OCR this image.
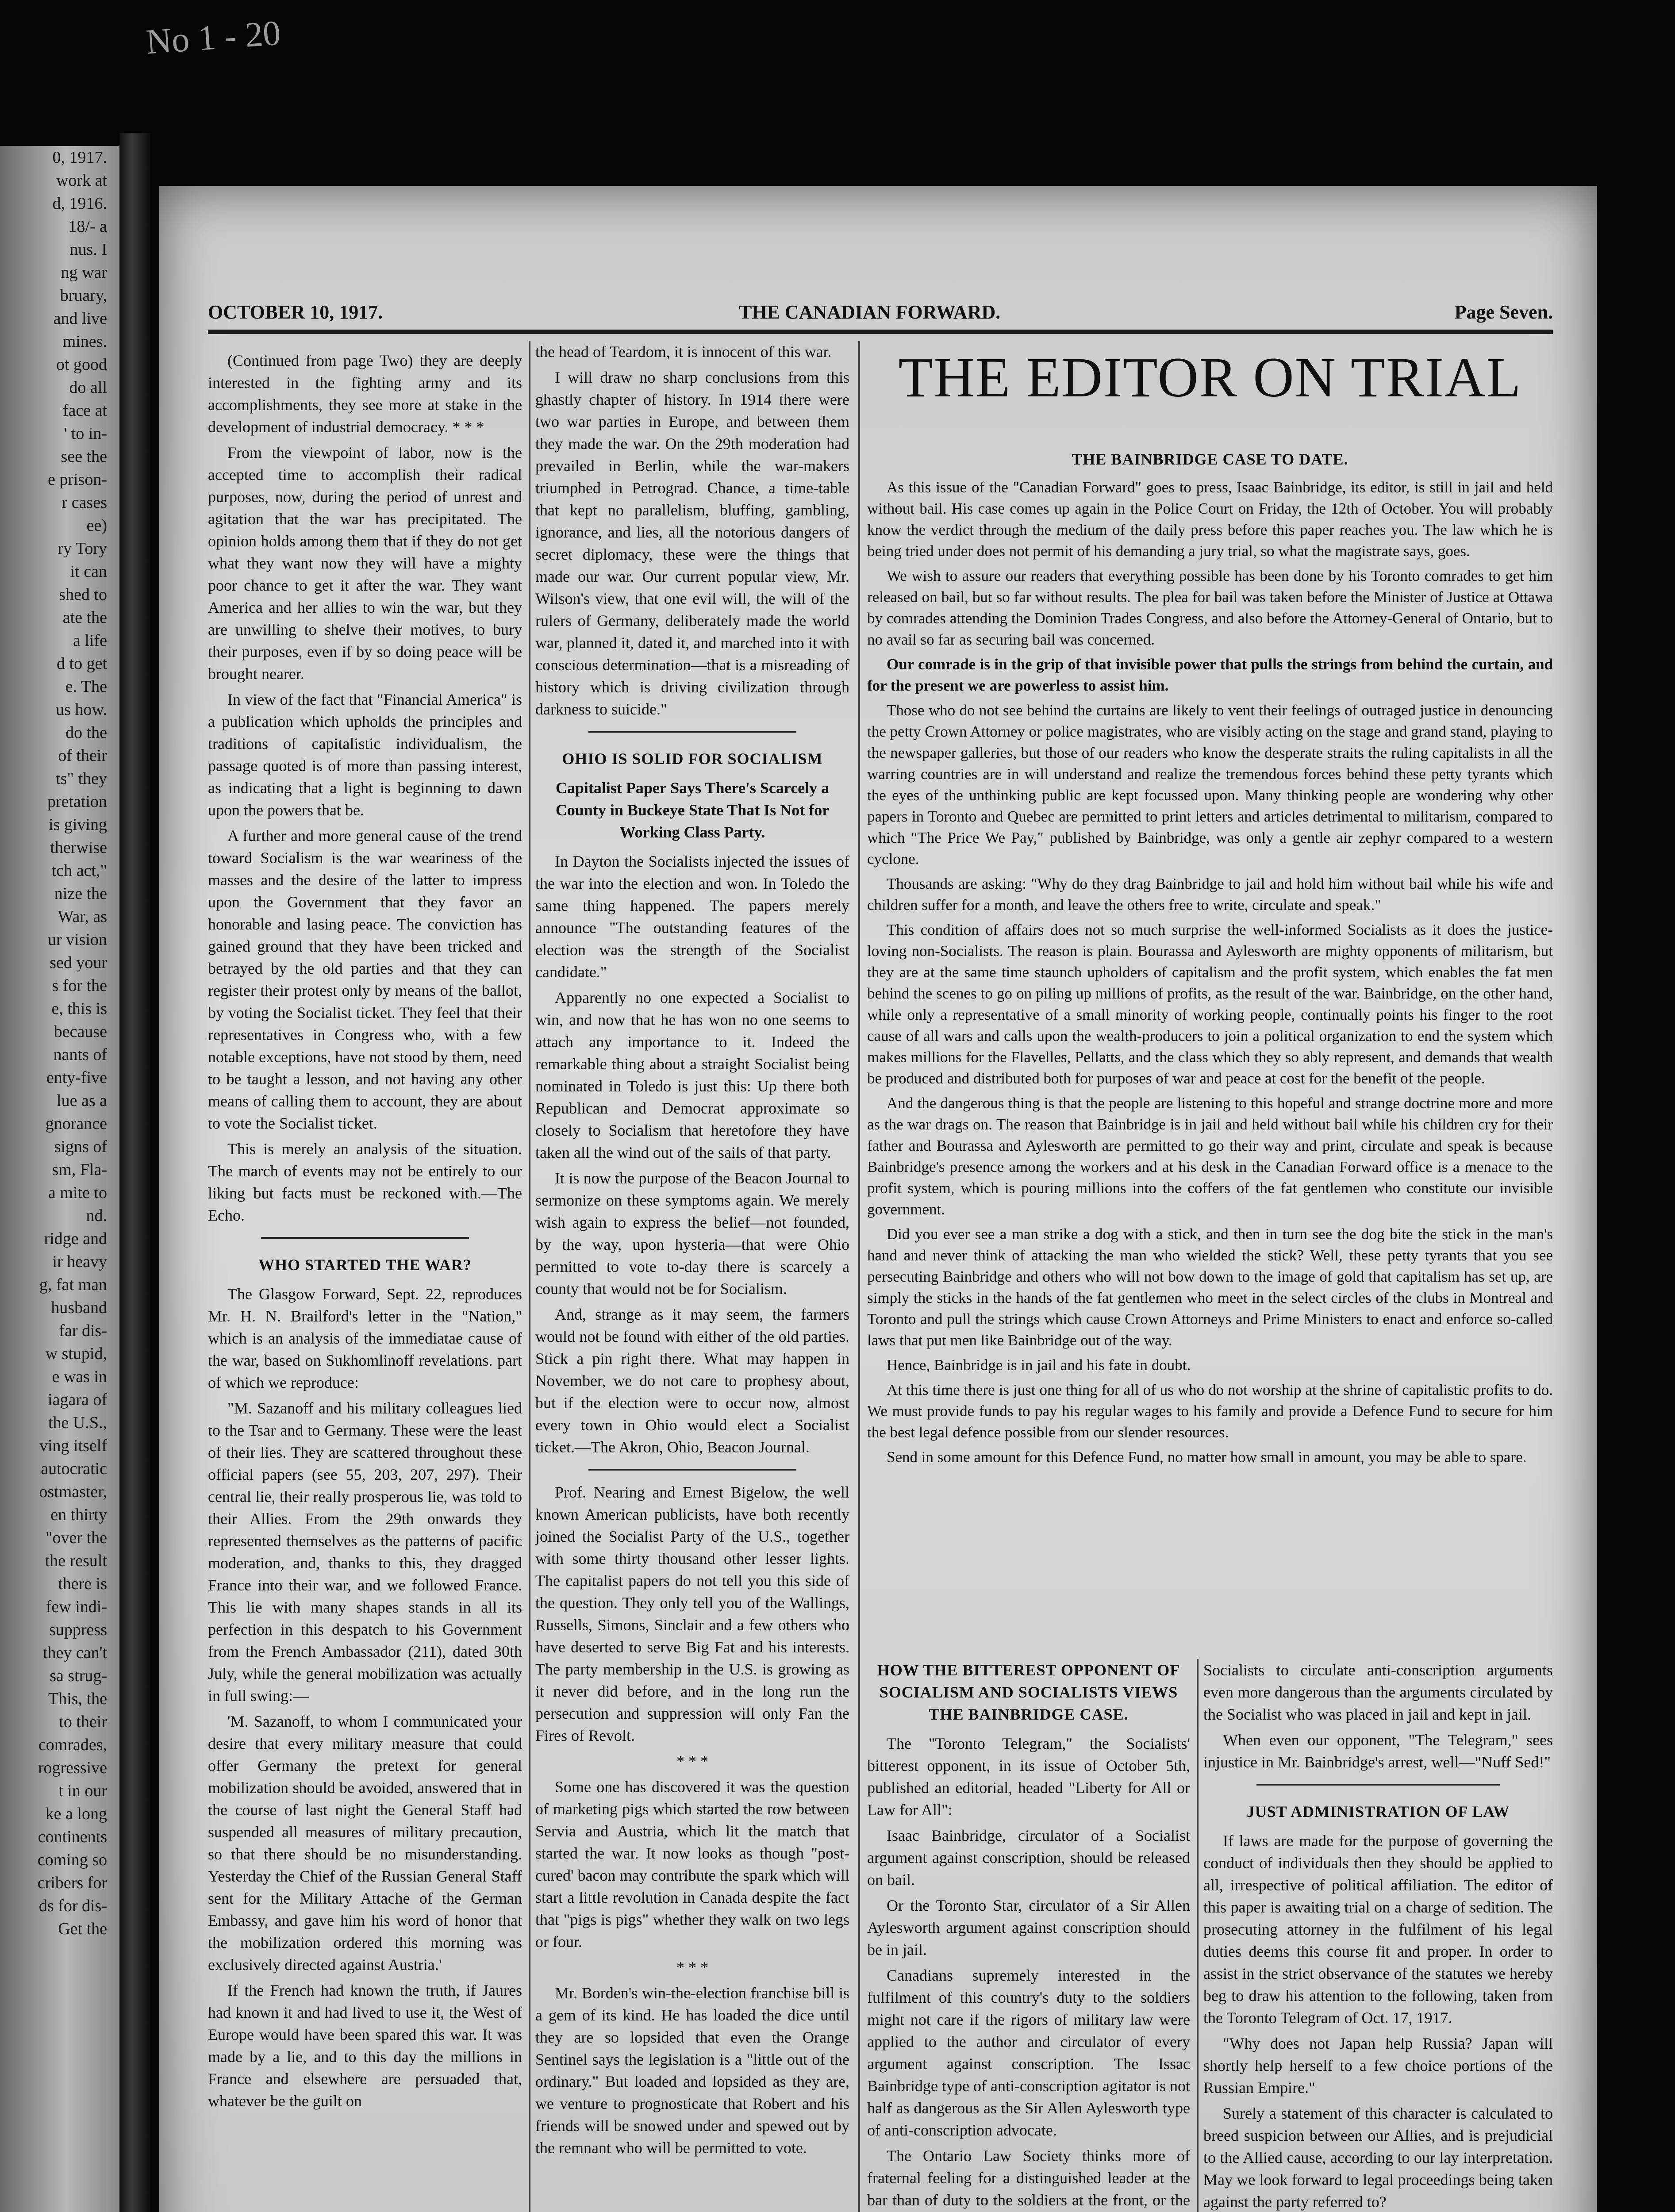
No 1 - 20
0, 1917.
work at
d, 1916.
18/- a
nus. I
ng war
bruary,
and live
mines.
ot good
do all
face at
' to in-
see the
e prison-
r cases
ee)
ry Tory
it can
shed to
ate the
a life
d to get
e. The
us how.
do the
of their
ts" they
pretation
is giving
therwise
tch act,"
nize the
War, as
ur vision
sed your
s for the
e, this is
because
nants of
enty-five
lue as a
gnorance
signs of
sm, Fla-
a mite to
nd.
ridge and
ir heavy
g, fat man
husband
far dis-
w stupid,
e was in
iagara of
the U.S.,
ving itself
autocratic
ostmaster,
en thirty
"over the
the result
there is
few indi-
suppress
they can't
sa strug-
This, the
to their
comrades,
rogressive
t in our
ke a long
continents
coming so
cribers for
ds for dis-
Get the
OCTOBER 10, 1917.	THE CANADIAN FORWARD.	Page Seven.

(Continued from page Two) they are deeply interested in the fighting army and its accomplishments, they see more at stake in the development of industrial democracy. * * *

From the viewpoint of labor, now is the accepted time to accomplish their radical purposes, now, during the period of unrest and agitation that the war has precipitated. The opinion holds among them that if they do not get what they want now they will have a mighty poor chance to get it after the war. They want America and her allies to win the war, but they are unwilling to shelve their motives, to bury their purposes, even if by so doing peace will be brought nearer.

In view of the fact that "Financial America" is a publication which upholds the principles and traditions of capitalistic individualism, the passage quoted is of more than passing interest, as indicating that a light is beginning to dawn upon the powers that be.

A further and more general cause of the trend toward Socialism is the war weariness of the masses and the desire of the latter to impress upon the Government that they favor an honorable and lasing peace. The conviction has gained ground that they have been tricked and betrayed by the old parties and that they can register their protest only by means of the ballot, by voting the Socialist ticket. They feel that their representatives in Congress who, with a few notable exceptions, have not stood by them, need to be taught a lesson, and not having any other means of calling them to account, they are about to vote the Socialist ticket.

This is merely an analysis of the situation. The march of events may not be entirely to our liking but facts must be reckoned with.—The Echo.

WHO STARTED THE WAR?

The Glasgow Forward, Sept. 22, reproduces Mr. H. N. Brailford's letter in the "Nation," which is an analysis of the immediatae cause of the war, based on Sukhomlinoff revelations. part of which we reproduce:

"M. Sazanoff and his military colleagues lied to the Tsar and to Germany. These were the least of their lies. They are scattered throughout these official papers (see 55, 203, 207, 297). Their central lie, their really prosperous lie, was told to their Allies. From the 29th onwards they represented themselves as the patterns of pacific moderation, and, thanks to this, they dragged France into their war, and we followed France. This lie with many shapes stands in all its perfection in this despatch to his Government from the French Ambassador (211), dated 30th July, while the general mobilization was actually in full swing:—

'M. Sazanoff, to whom I communicated your desire that every military measure that could offer Germany the pretext for general mobilization should be avoided, answered that in the course of last night the General Staff had suspended all measures of military precaution, so that there should be no misunderstanding. Yesterday the Chief of the Russian General Staff sent for the Military Attache of the German Embassy, and gave him his word of honor that the mobilization ordered this morning was exclusively directed against Austria.'

If the French had known the truth, if Jaures had known it and had lived to use it, the West of Europe would have been spared this war. It was made by a lie, and to this day the millions in France and elsewhere are persuaded that, whatever be the guilt on

the head of Teardom, it is innocent of this war.

I will draw no sharp conclusions from this ghastly chapter of history. In 1914 there were two war parties in Europe, and between them they made the war. On the 29th moderation had prevailed in Berlin, while the war-makers triumphed in Petrograd. Chance, a time-table that kept no parallelism, bluffing, gambling, ignorance, and lies, all the notorious dangers of secret diplomacy, these were the things that made our war. Our current popular view, Mr. Wilson's view, that one evil will, the will of the rulers of Germany, deliberately made the world war, planned it, dated it, and marched into it with conscious determination—that is a misreading of history which is driving civilization through darkness to suicide."

OHIO IS SOLID FOR SOCIALISM

Capitalist Paper Says There's Scarcely a County in Buckeye State That Is Not for Working Class Party.

In Dayton the Socialists injected the issues of the war into the election and won. In Toledo the same thing happened. The papers merely announce "The outstanding features of the election was the strength of the Socialist candidate."

Apparently no one expected a Socialist to win, and now that he has won no one seems to attach any importance to it. Indeed the remarkable thing about a straight Socialist being nominated in Toledo is just this: Up there both Republican and Democrat approximate so closely to Socialism that heretofore they have taken all the wind out of the sails of that party.

It is now the purpose of the Beacon Journal to sermonize on these symptoms again. We merely wish again to express the belief—not founded, by the way, upon hysteria—that were Ohio permitted to vote to-day there is scarcely a county that would not be for Socialism.

And, strange as it may seem, the farmers would not be found with either of the old parties. Stick a pin right there. What may happen in November, we do not care to prophesy about, but if the election were to occur now, almost every town in Ohio would elect a Socialist ticket.—The Akron, Ohio, Beacon Journal.

Prof. Nearing and Ernest Bigelow, the well known American publicists, have both recently joined the Socialist Party of the U.S., together with some thirty thousand other lesser lights. The capitalist papers do not tell you this side of the question. They only tell you of the Wallings, Russells, Simons, Sinclair and a few others who have deserted to serve Big Fat and his interests. The party membership in the U.S. is growing as it never did before, and in the long run the persecution and suppression will only Fan the Fires of Revolt.

* * *

Some one has discovered it was the question of marketing pigs which started the row between Servia and Austria, which lit the match that started the war. It now looks as though "post-cured' bacon may contribute the spark which will start a little revolution in Canada despite the fact that "pigs is pigs" whether they walk on two legs or four.

* * *

Mr. Borden's win-the-election franchise bill is a gem of its kind. He has loaded the dice until they are so lopsided that even the Orange Sentinel says the legislation is a "little out of the ordinary." But loaded and lopsided as they are, we venture to prognosticate that Robert and his friends will be snowed under and spewed out by the remnant who will be permitted to vote.

THE EDITOR ON TRIAL

THE BAINBRIDGE CASE TO DATE.

As this issue of the "Canadian Forward" goes to press, Isaac Bainbridge, its editor, is still in jail and held without bail. His case comes up again in the Police Court on Friday, the 12th of October. You will probably know the verdict through the medium of the daily press before this paper reaches you. The law which he is being tried under does not permit of his demanding a jury trial, so what the magistrate says, goes.

We wish to assure our readers that everything possible has been done by his Toronto comrades to get him released on bail, but so far without results. The plea for bail was taken before the Minister of Justice at Ottawa by comrades attending the Dominion Trades Congress, and also before the Attorney-General of Ontario, but to no avail so far as securing bail was concerned.

Our comrade is in the grip of that invisible power that pulls the strings from behind the curtain, and for the present we are powerless to assist him.

Those who do not see behind the curtains are likely to vent their feelings of outraged justice in denouncing the petty Crown Attorney or police magistrates, who are visibly acting on the stage and grand stand, playing to the newspaper galleries, but those of our readers who know the desperate straits the ruling capitalists in all the warring countries are in will understand and realize the tremendous forces behind these petty tyrants which the eyes of the unthinking public are kept focussed upon. Many thinking people are wondering why other papers in Toronto and Quebec are permitted to print letters and articles detrimental to militarism, compared to which "The Price We Pay," published by Bainbridge, was only a gentle air zephyr compared to a western cyclone.

Thousands are asking: "Why do they drag Bainbridge to jail and hold him without bail while his wife and children suffer for a month, and leave the others free to write, circulate and speak."

This condition of affairs does not so much surprise the well-informed Socialists as it does the justice-loving non-Socialists. The reason is plain. Bourassa and Aylesworth are mighty opponents of militarism, but they are at the same time staunch upholders of capitalism and the profit system, which enables the fat men behind the scenes to go on piling up millions of profits, as the result of the war. Bainbridge, on the other hand, while only a representative of a small minority of working people, continually points his finger to the root cause of all wars and calls upon the wealth-producers to join a political organization to end the system which makes millions for the Flavelles, Pellatts, and the class which they so ably represent, and demands that wealth be produced and distributed both for purposes of war and peace at cost for the benefit of the people.

And the dangerous thing is that the people are listening to this hopeful and strange doctrine more and more as the war drags on. The reason that Bainbridge is in jail and held without bail while his children cry for their father and Bourassa and Aylesworth are permitted to go their way and print, circulate and speak is because Bainbridge's presence among the workers and at his desk in the Canadian Forward office is a menace to the profit system, which is pouring millions into the coffers of the fat gentlemen who constitute our invisible government.

Did you ever see a man strike a dog with a stick, and then in turn see the dog bite the stick in the man's hand and never think of attacking the man who wielded the stick? Well, these petty tyrants that you see persecuting Bainbridge and others who will not bow down to the image of gold that capitalism has set up, are simply the sticks in the hands of the fat gentlemen who meet in the select circles of the clubs in Montreal and Toronto and pull the strings which cause Crown Attorneys and Prime Ministers to enact and enforce so-called laws that put men like Bainbridge out of the way.

Hence, Bainbridge is in jail and his fate in doubt.

At this time there is just one thing for all of us who do not worship at the shrine of capitalistic profits to do. We must provide funds to pay his regular wages to his family and provide a Defence Fund to secure for him the best legal defence possible from our slender resources.

Send in some amount for this Defence Fund, no matter how small in amount, you may be able to spare.

HOW THE BITTEREST OPPONENT OF SOCIALISM AND SOCIALISTS VIEWS THE BAINBRIDGE CASE.

The "Toronto Telegram," the Socialists' bitterest opponent, in its issue of October 5th, published an editorial, headed "Liberty for All or Law for All":

Isaac Bainbridge, circulator of a Socialist argument against conscription, should be released on bail.

Or the Toronto Star, circulator of a Sir Allen Aylesworth argument against conscription should be in jail.

Canadians supremely interested in the fulfilment of this country's duty to the soldiers might not care if the rigors of military law were applied to the author and circulator of every argument against conscription. The Issac Bainbridge type of anti-conscription agitator is not half as dangerous as the Sir Allen Aylesworth type of anti-conscription advocate.

The Ontario Law Society thinks more of fraternal feeling for a distinguished leader at the bar than of duty to the soldiers at the front, or the

Socialists to circulate anti-conscription arguments even more dangerous than the arguments circulated by the Socialist who was placed in jail and kept in jail.

When even our opponent, "The Telegram," sees injustice in Mr. Bainbridge's arrest, well—"Nuff Sed!"

JUST ADMINISTRATION OF LAW

If laws are made for the purpose of governing the conduct of individuals then they should be applied to all, irrespective of political affiliation. The editor of this paper is awaiting trial on a charge of sedition. The prosecuting attorney in the fulfilment of his legal duties deems this course fit and proper. In order to assist in the strict observance of the statutes we hereby beg to draw his attention to the following, taken from the Toronto Telegram of Oct. 17, 1917.

"Why does not Japan help Russia? Japan will shortly help herself to a few choice portions of the Russian Empire."

Surely a statement of this character is calculated to breed suspicion between our Allies, and is prejudicial to the Allied cause, according to our lay interpretation. May we look forward to legal proceedings being taken against the party referred to?
